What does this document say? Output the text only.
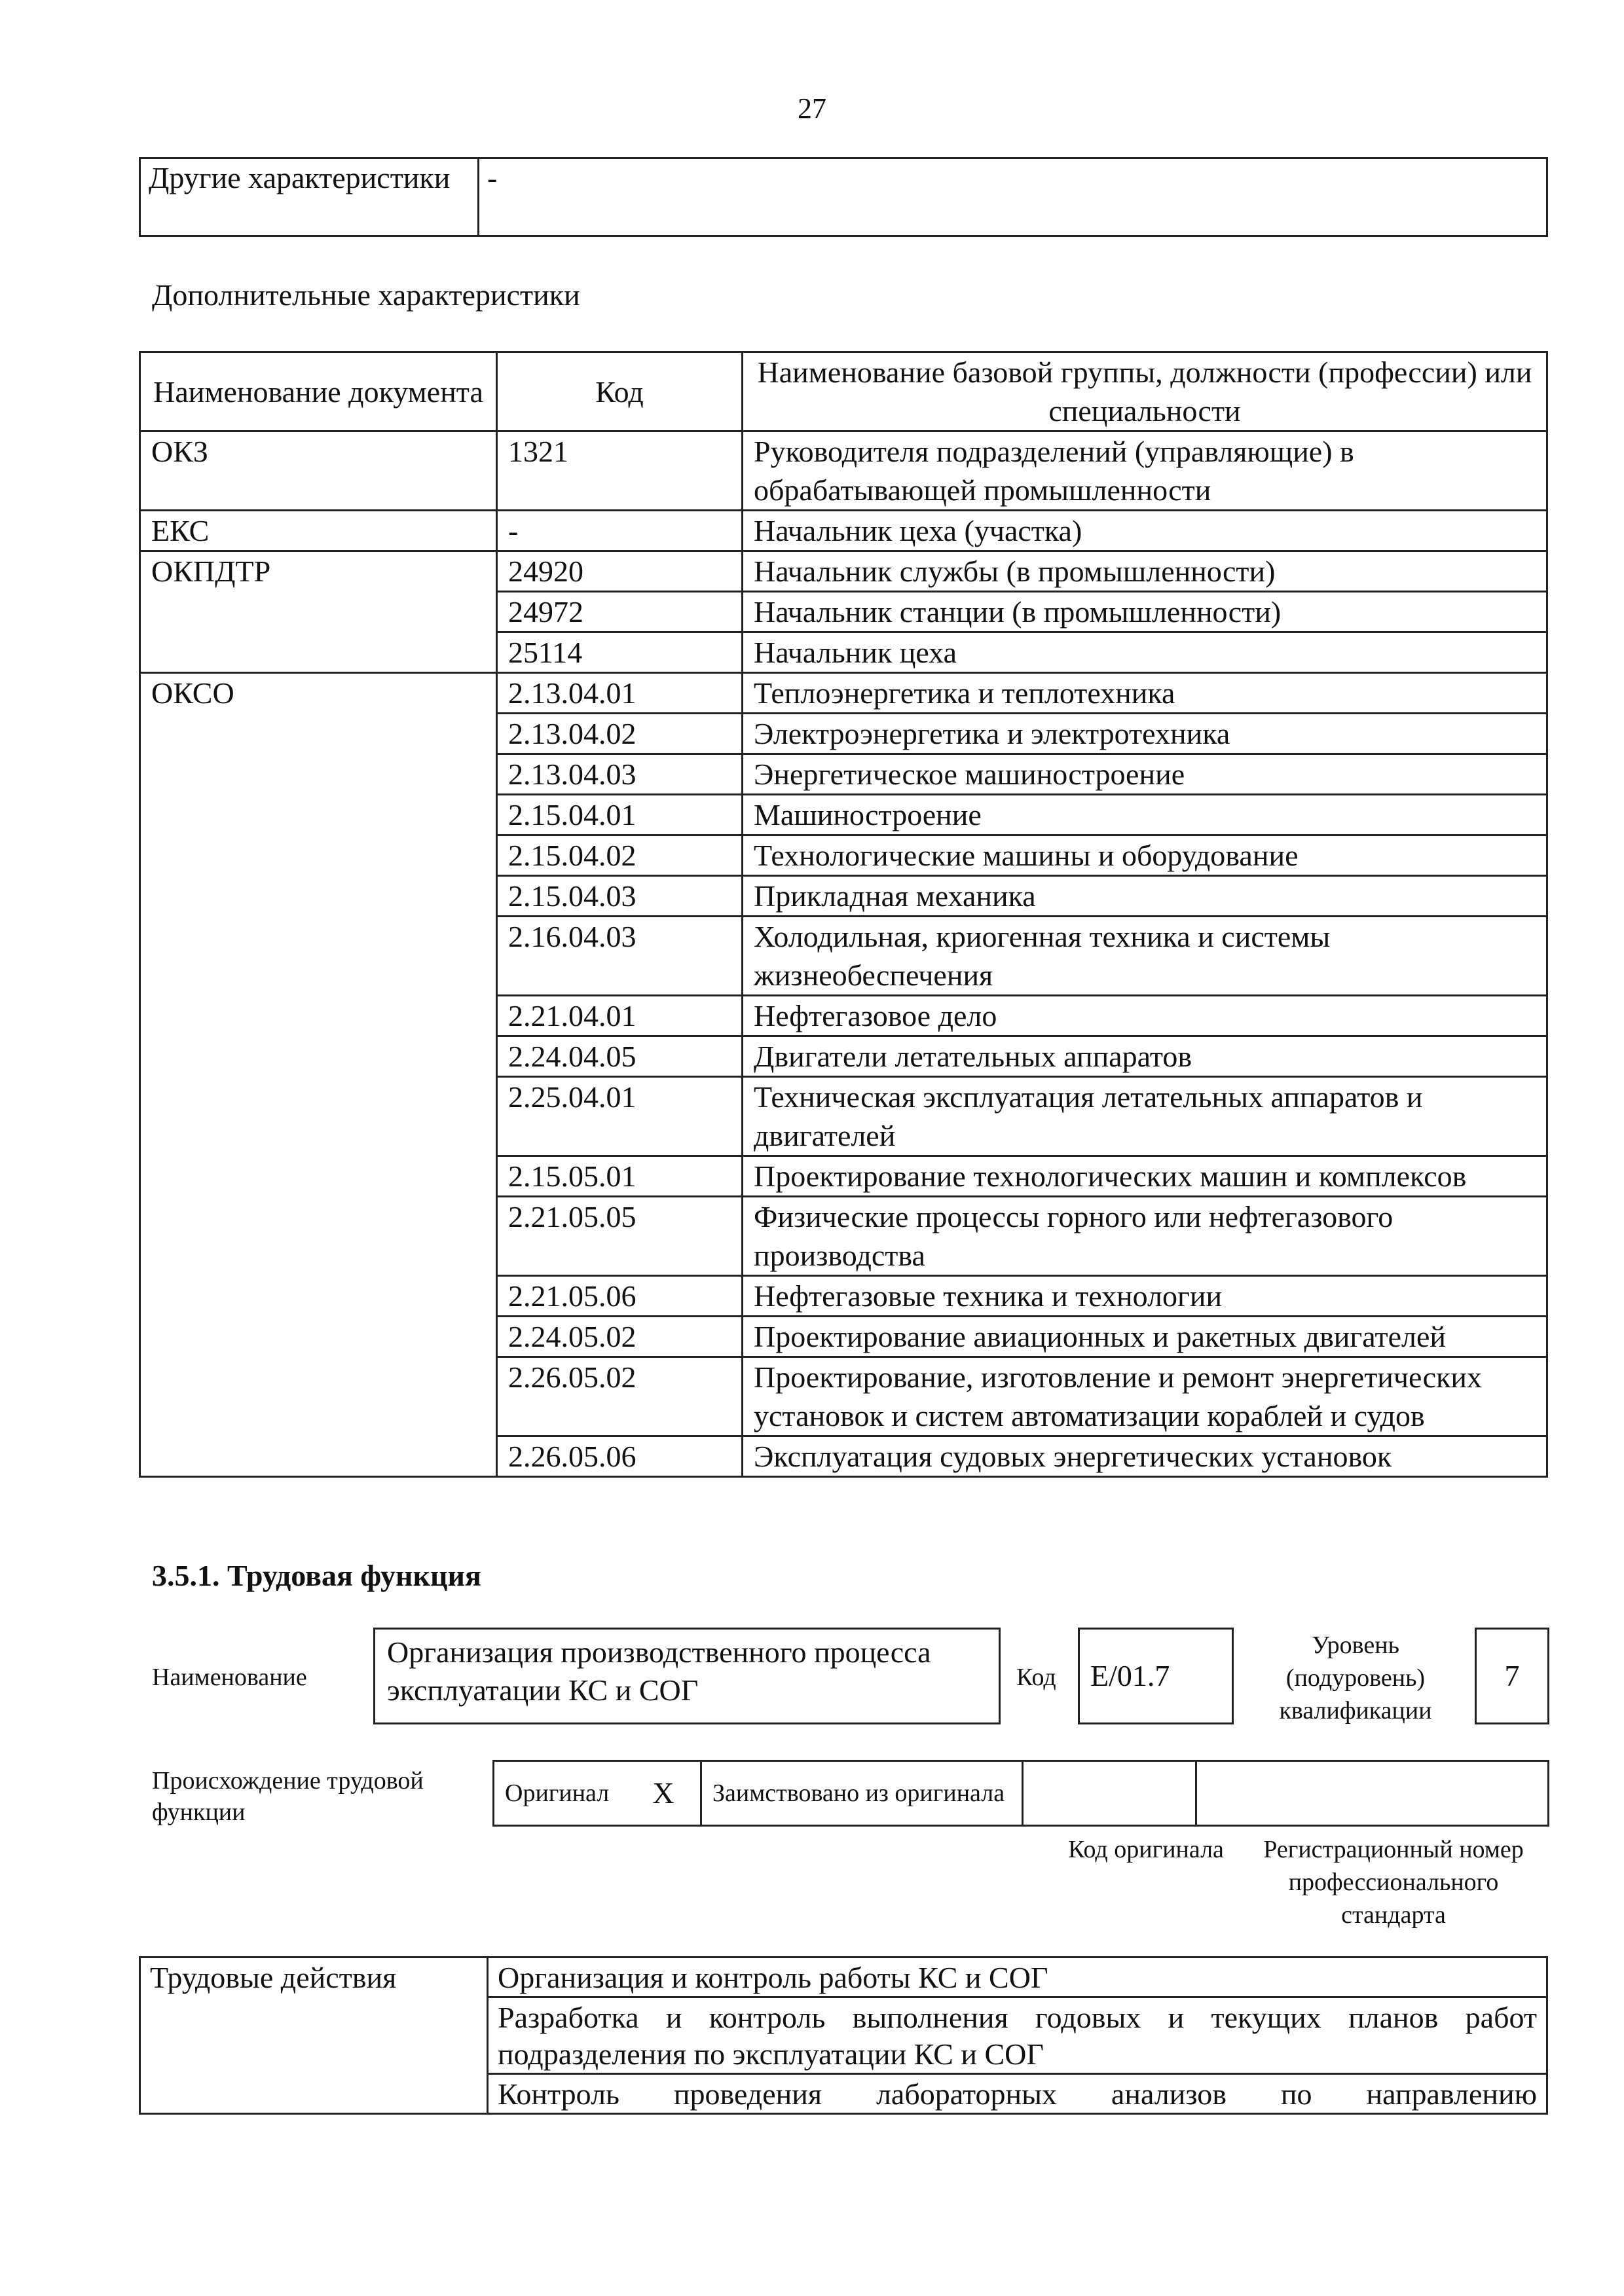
27
Другие характеристики	-
Дополнительные характеристики
Наименование документа	Код	Наименование базовой группы, должности (профессии) или специальности
ОКЗ	1321	Руководителя подразделений (управляющие) в обрабатывающей промышленности
ЕКС	-	Начальник цеха (участка)
ОКПДТР	24920	Начальник службы (в промышленности)
	24972	Начальник станции (в промышленности)
	25114	Начальник цеха
ОКСО	2.13.04.01	Теплоэнергетика и теплотехника
	2.13.04.02	Электроэнергетика и электротехника
	2.13.04.03	Энергетическое машиностроение
	2.15.04.01	Машиностроение
	2.15.04.02	Технологические машины и оборудование
	2.15.04.03	Прикладная механика
	2.16.04.03	Холодильная, криогенная техника и системы жизнеобеспечения
	2.21.04.01	Нефтегазовое дело
	2.24.04.05	Двигатели летательных аппаратов
	2.25.04.01	Техническая эксплуатация летательных аппаратов и двигателей
	2.15.05.01	Проектирование технологических машин и комплексов
	2.21.05.05	Физические процессы горного или нефтегазового производства
	2.21.05.06	Нефтегазовые техника и технологии
	2.24.05.02	Проектирование авиационных и ракетных двигателей
	2.26.05.02	Проектирование, изготовление и ремонт энергетических установок и систем автоматизации кораблей и судов
	2.26.05.06	Эксплуатация судовых энергетических установок
3.5.1. Трудовая функция
Наименование
Организация производственного процесса эксплуатации КС и СОГ	Код	E/01.7
Уровень (подуровень) квалификации
7
Происхождение трудовой функции
Оригинал	X	Заимствовано из оригинала		
Код оригинала	Регистрационный номер профессионального стандарта
Трудовые действия	Организация и контроль работы КС и СОГ
Разработка и контроль выполнения годовых и текущих планов работ подразделения по эксплуатации КС и СОГ
Контроль проведения лабораторных анализов по направлению
